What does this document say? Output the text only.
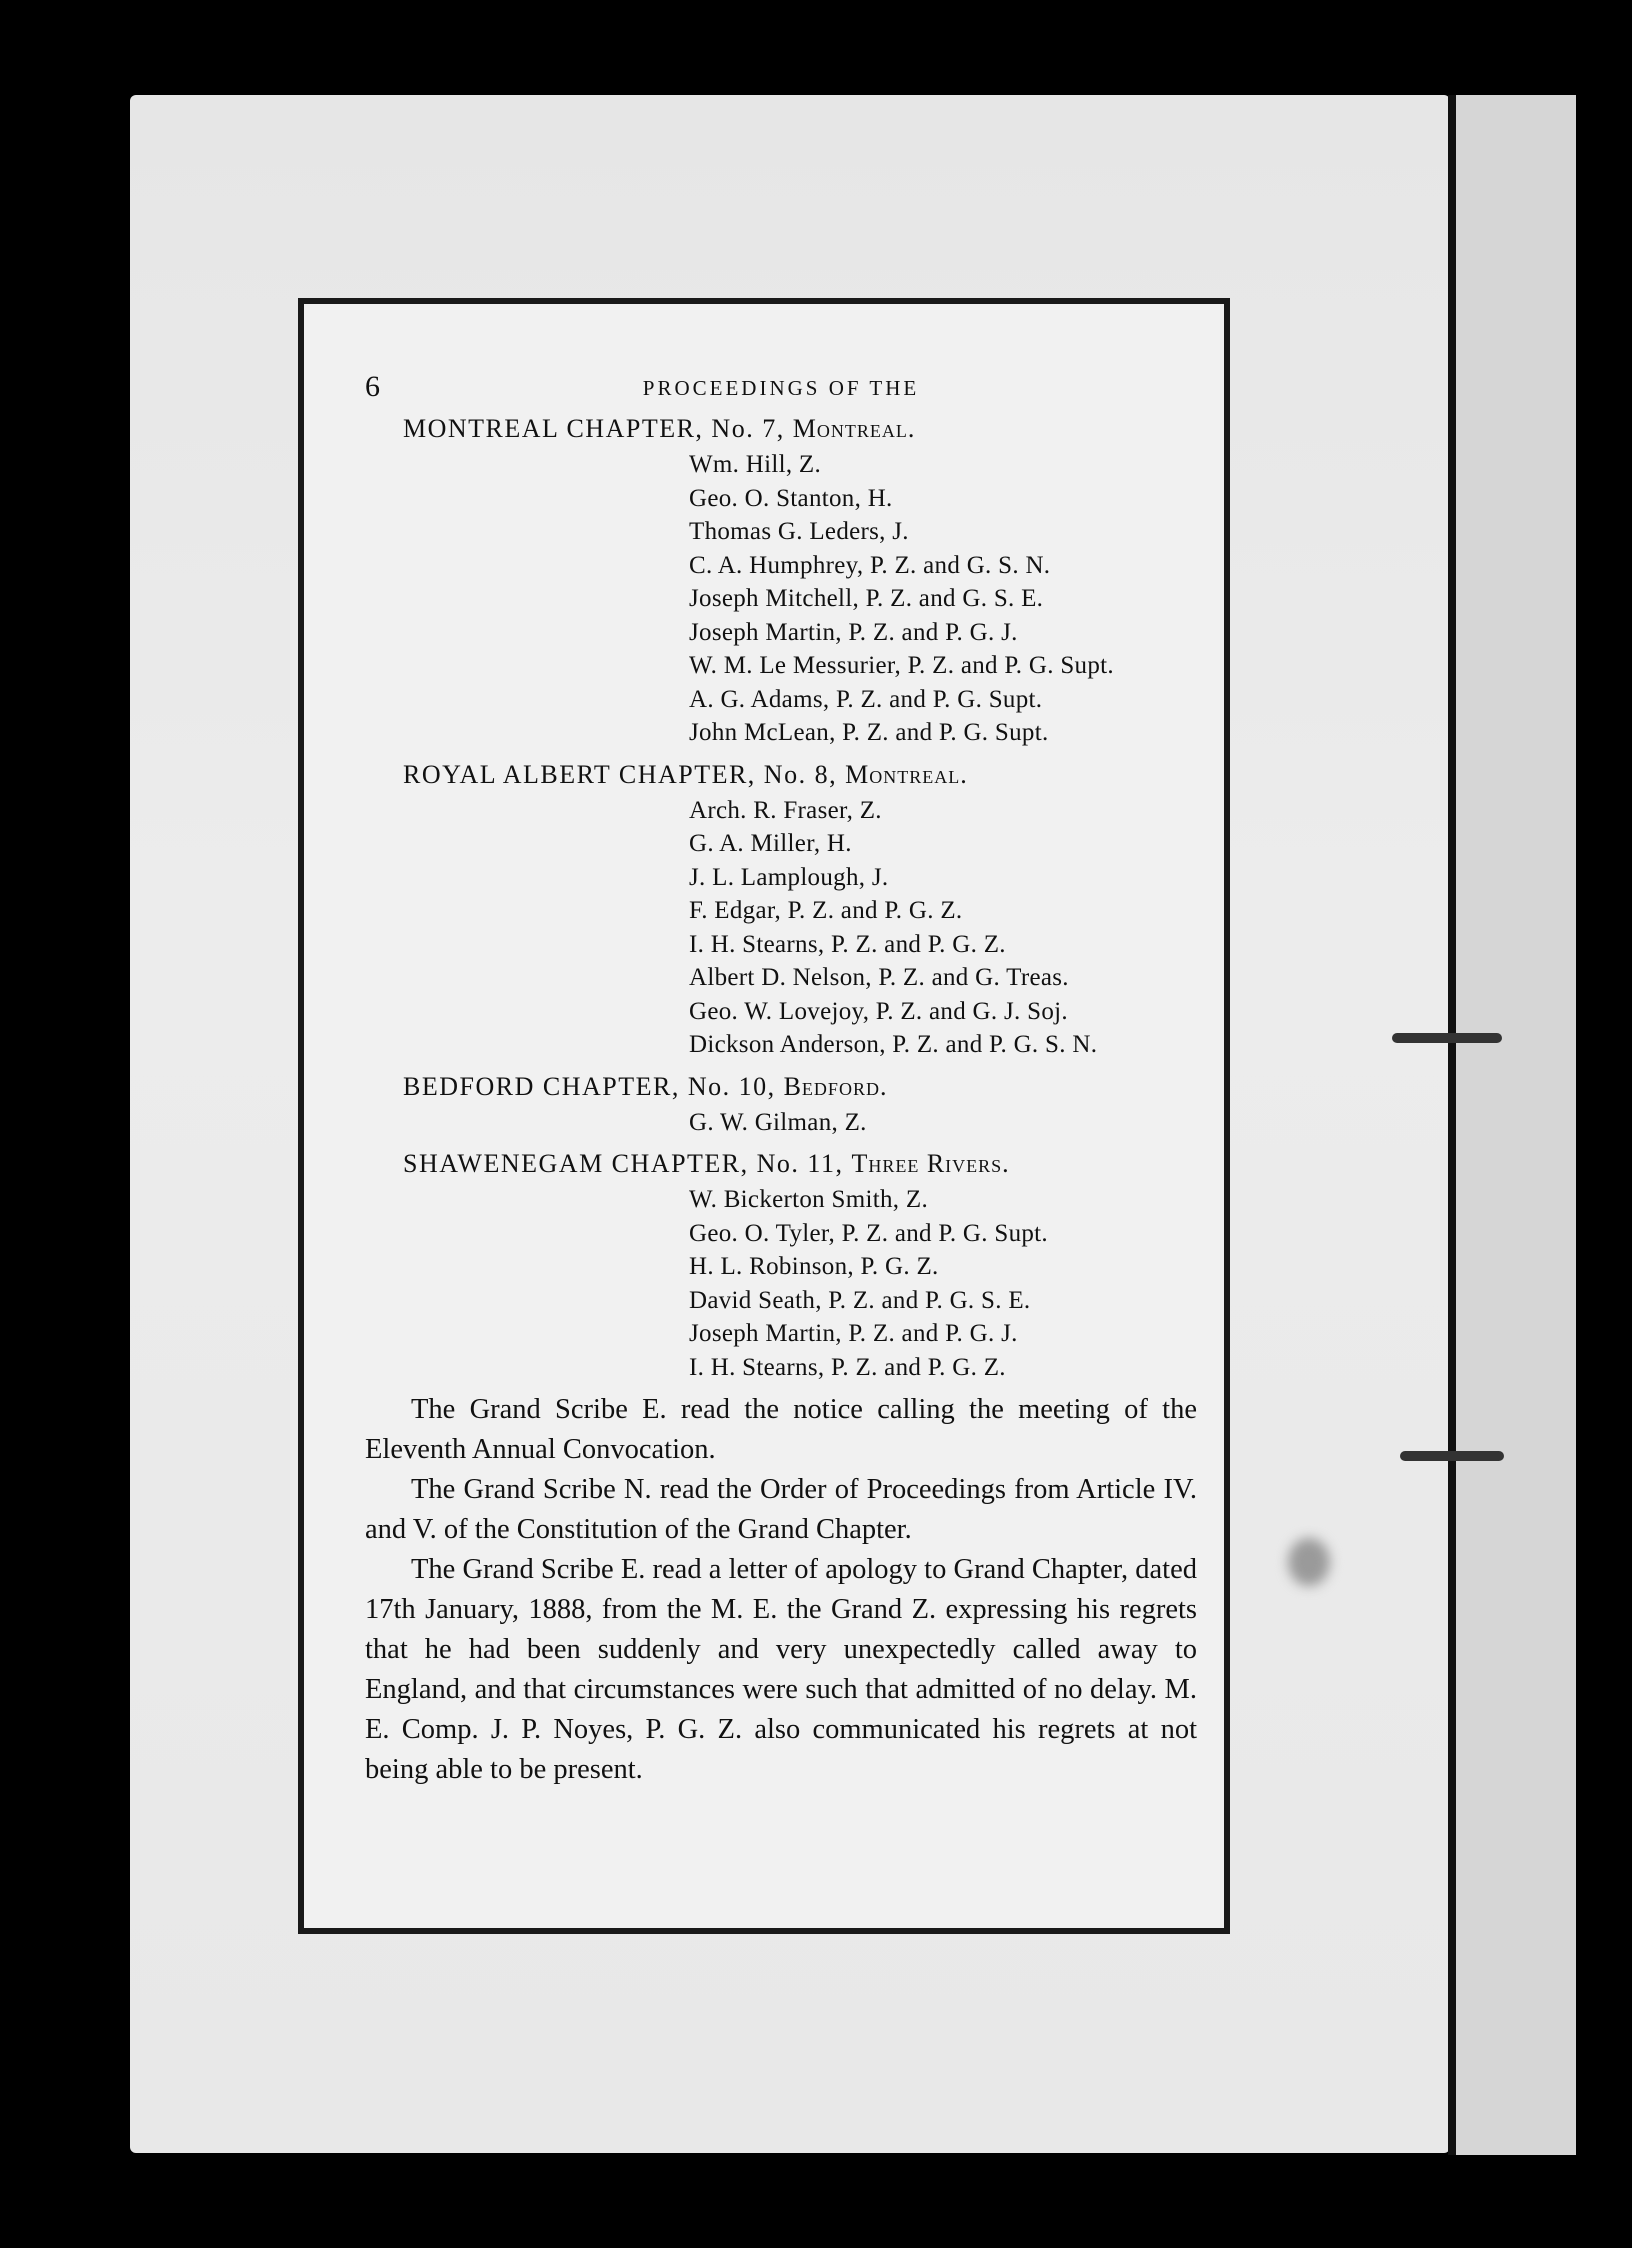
6	PROCEEDINGS OF THE
MONTREAL CHAPTER, No. 7, Montreal.
Wm. Hill, Z.
Geo. O. Stanton, H.
Thomas G. Leders, J.
C. A. Humphrey, P. Z. and G. S. N.
Joseph Mitchell, P. Z. and G. S. E.
Joseph Martin, P. Z. and P. G. J.
W. M. Le Messurier, P. Z. and P. G. Supt.
A. G. Adams, P. Z. and P. G. Supt.
John McLean, P. Z. and P. G. Supt.
ROYAL ALBERT CHAPTER, No. 8, Montreal.
Arch. R. Fraser, Z.
G. A. Miller, H.
J. L. Lamplough, J.
F. Edgar, P. Z. and P. G. Z.
I. H. Stearns, P. Z. and P. G. Z.
Albert D. Nelson, P. Z. and G. Treas.
Geo. W. Lovejoy, P. Z. and G. J. Soj.
Dickson Anderson, P. Z. and P. G. S. N.
BEDFORD CHAPTER, No. 10, Bedford.
G. W. Gilman, Z.
SHAWENEGAM CHAPTER, No. 11, Three Rivers.
W. Bickerton Smith, Z.
Geo. O. Tyler, P. Z. and P. G. Supt.
H. L. Robinson, P. G. Z.
David Seath, P. Z. and P. G. S. E.
Joseph Martin, P. Z. and P. G. J.
I. H. Stearns, P. Z. and P. G. Z.

The Grand Scribe E. read the notice calling the meeting of the Eleventh Annual Convocation.

The Grand Scribe N. read the Order of Proceedings from Article IV. and V. of the Constitution of the Grand Chapter.

The Grand Scribe E. read a letter of apology to Grand Chapter, dated 17th January, 1888, from the M. E. the Grand Z. expressing his regrets that he had been suddenly and very unexpectedly called away to England, and that circumstances were such that admitted of no delay. M. E. Comp. J. P. Noyes, P. G. Z. also communicated his regrets at not being able to be present.
